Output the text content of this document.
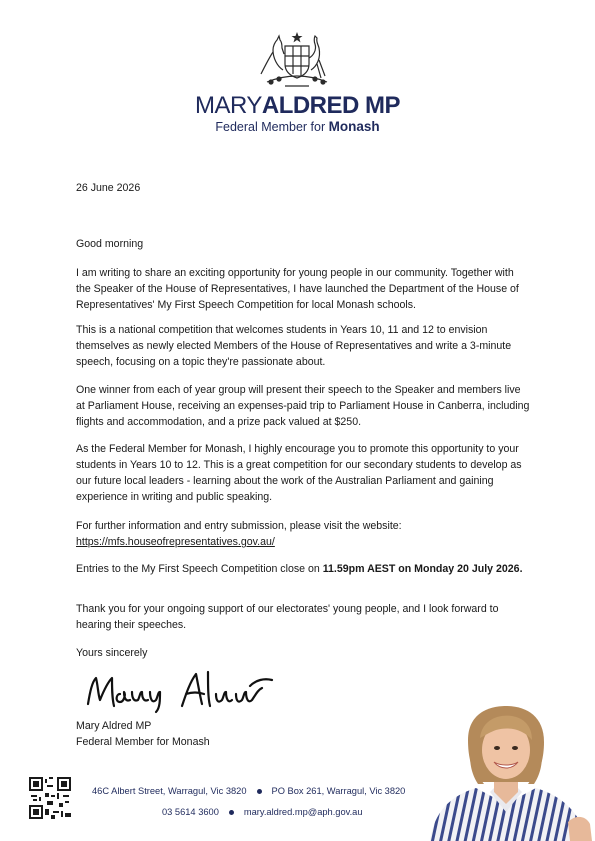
MARYALDRED MP
Federal Member for Monash
26 June 2026
Good morning
I am writing to share an exciting opportunity for young people in our community. Together with the Speaker of the House of Representatives, I have launched the Department of the House of Representatives' My First Speech Competition for local Monash schools.
This is a national competition that welcomes students in Years 10, 11 and 12 to envision themselves as newly elected Members of the House of Representatives and write a 3-minute speech, focusing on a topic they're passionate about.
One winner from each of year group will present their speech to the Speaker and members live at Parliament House, receiving an expenses-paid trip to Parliament House in Canberra, including flights and accommodation, and a prize pack valued at $250.
As the Federal Member for Monash, I highly encourage you to promote this opportunity to your students in Years 10 to 12. This is a great competition for our secondary students to develop as our future local leaders - learning about the work of the Australian Parliament and gaining experience in writing and public speaking.
For further information and entry submission, please visit the website:
https://mfs.houseofrepresentatives.gov.au/
Entries to the My First Speech Competition close on 11.59pm AEST on Monday 20 July 2026.
Thank you for your ongoing support of our electorates' young people, and I look forward to hearing their speeches.
Yours sincerely
Mary Aldred MP
Federal Member for Monash
46C Albert Street, Warragul, Vic 3820	PO Box 261, Warragul, Vic 3820
03 5614 3600	mary.aldred.mp@aph.gov.au
